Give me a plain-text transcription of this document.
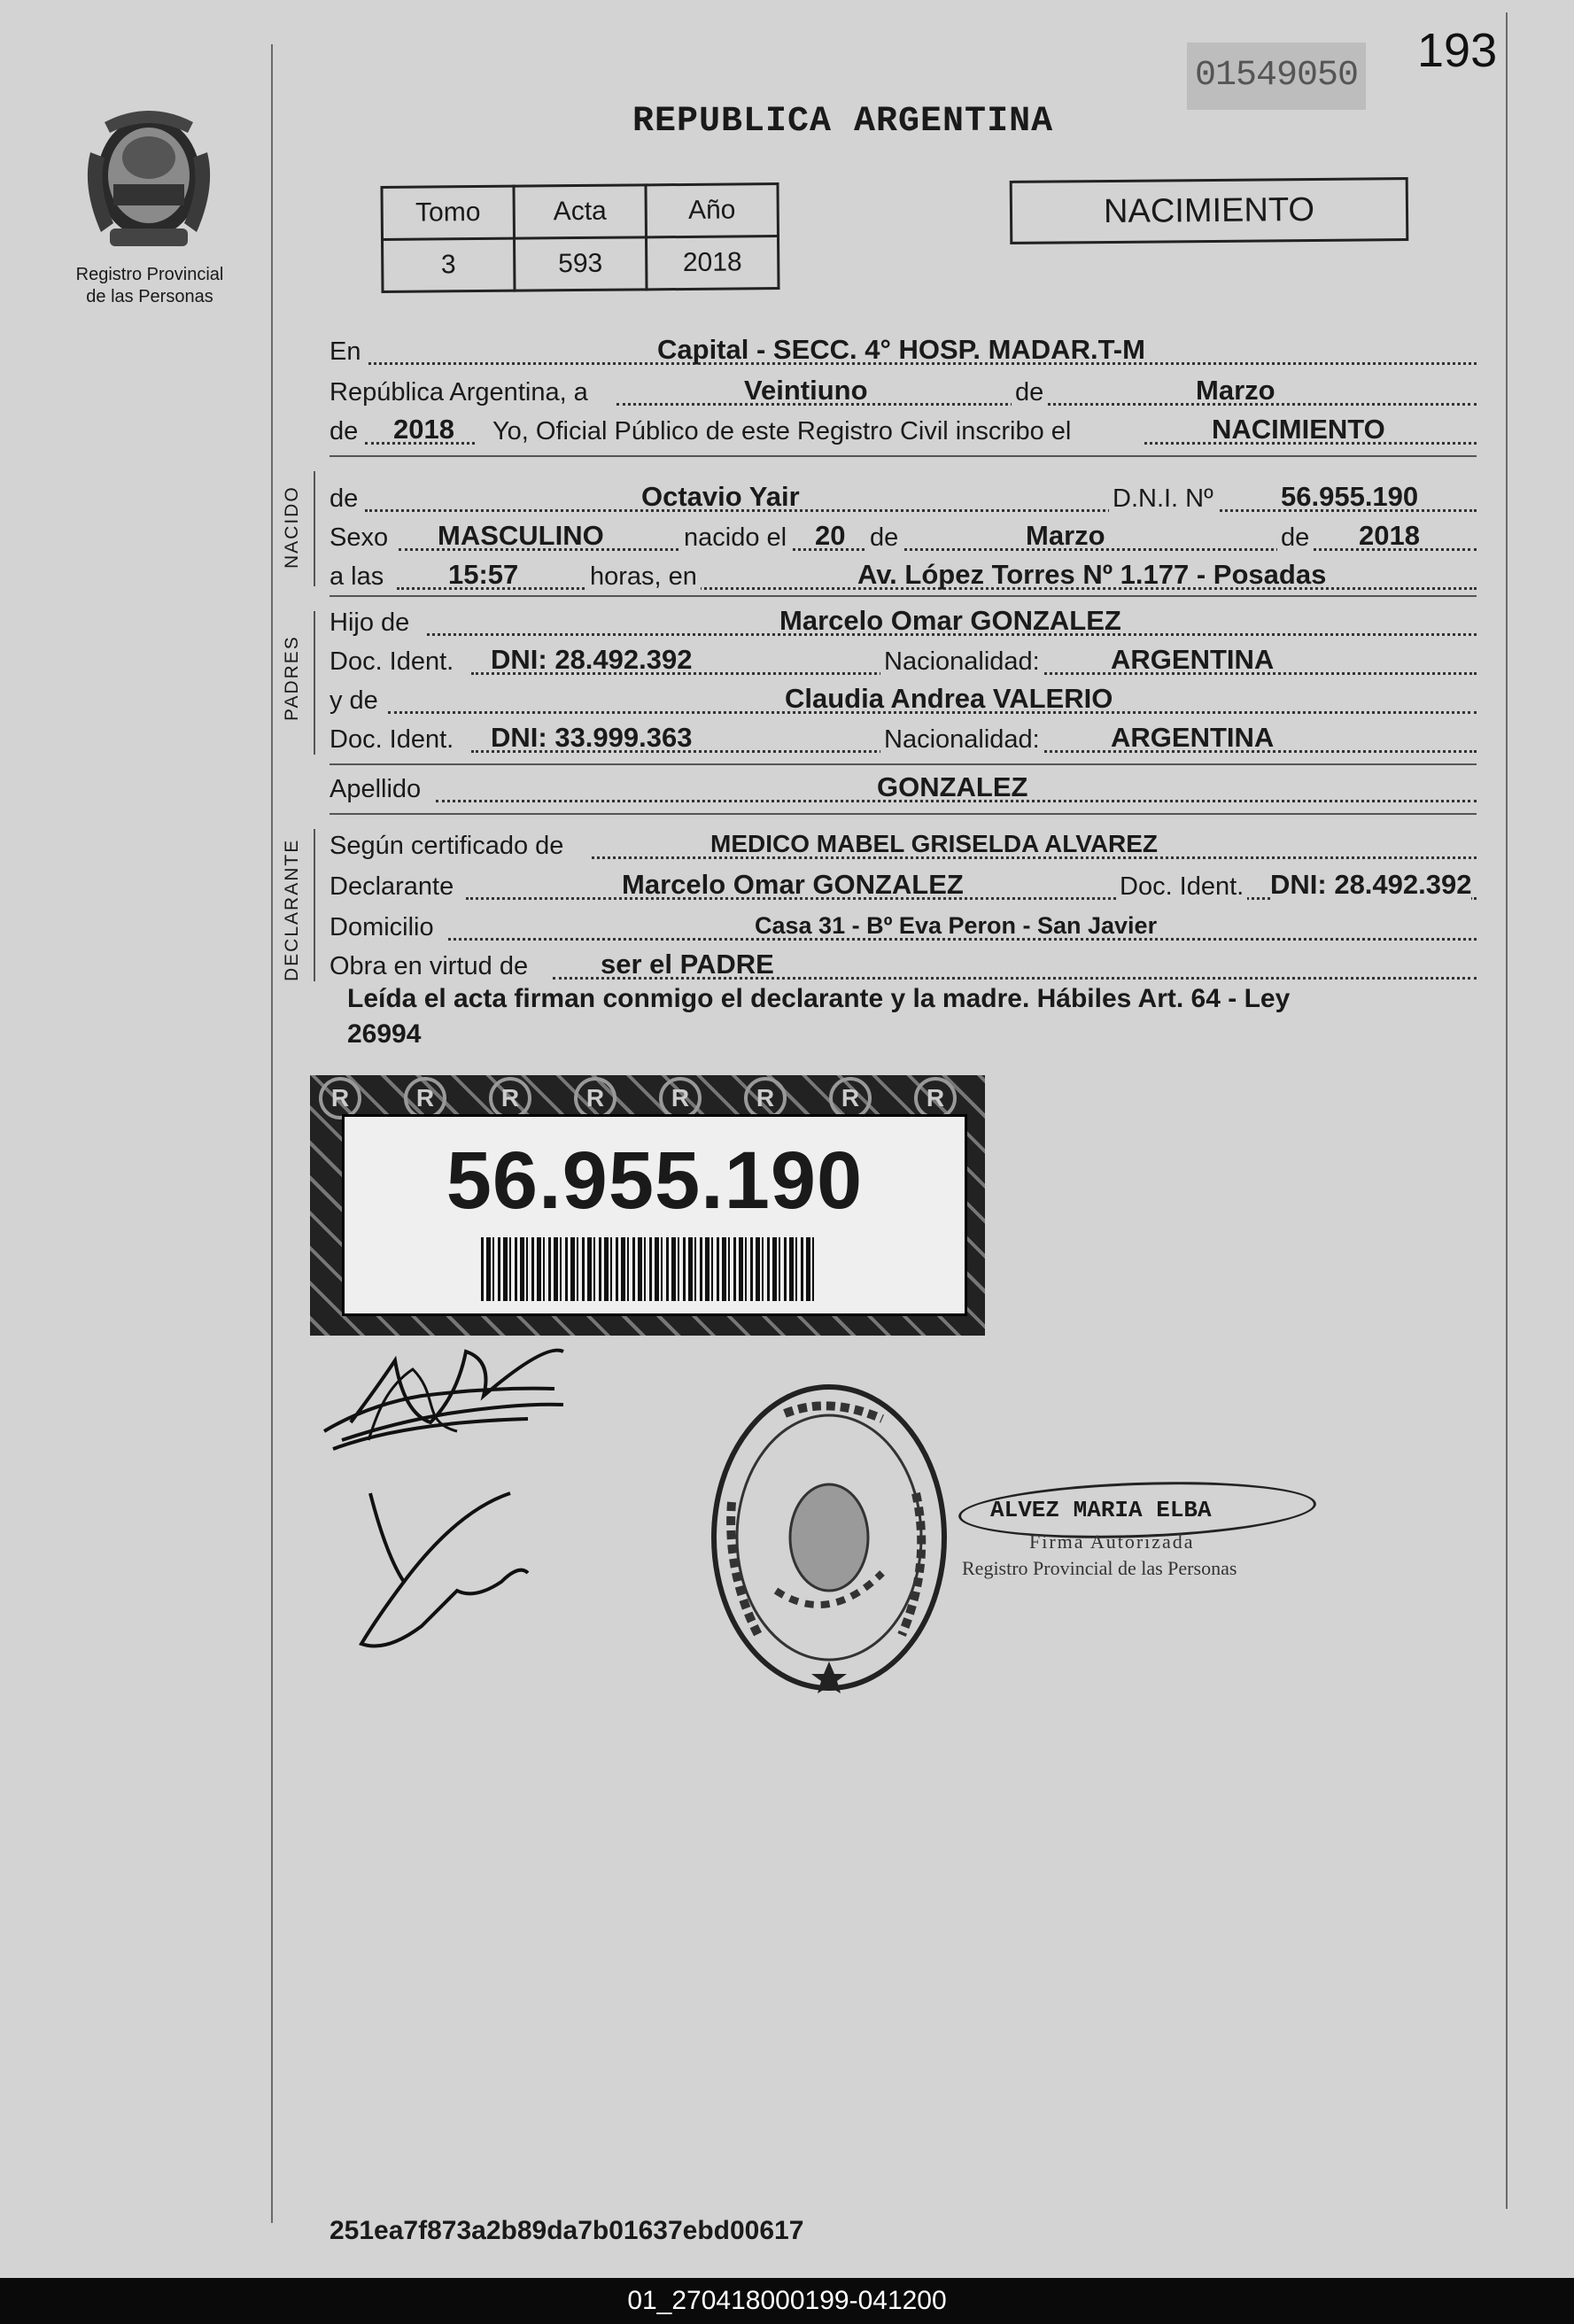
01549050 193
REPUBLICA ARGENTINA
Registro Provincial
de las Personas
Tomo	Acta	Año
3	593	2018
NACIMIENTO
En	Capital - SECC. 4° HOSP. MADAR.T-M
República Argentina, a	Veintiuno	de	Marzo
de 2018 Yo, Oficial Público de este Registro Civil inscribo el	NACIMIENTO
NACIDO de	Octavio Yair	D.N.I. Nº 56.955.190
Sexo MASCULINO	nacido el 20 de	Marzo	de 2018
a las 15:57	horas, en	Av. López Torres Nº 1.177 - Posadas
PADRES
Hijo de	Marcelo Omar GONZALEZ
Doc. Ident. DNI: 28.492.392	Nacionalidad:	ARGENTINA
y de	Claudia Andrea VALERIO
Doc. Ident. DNI: 33.999.363	Nacionalidad:	ARGENTINA
Apellido	GONZALEZ
DECLARANTE Según certificado de	MEDICO MABEL GRISELDA ALVAREZ
Declarante	Marcelo Omar GONZALEZ	Doc. Ident. DNI: 28.492.392
Domicilio	Casa 31 - Bº Eva Peron - San Javier
Obra en virtud de	ser el PADRE
Leída el acta firman conmigo el declarante y la madre. Hábiles Art. 64 - Ley
26994
R	R	R	R	R	R	R	R
56.955.190
ALVEZ MARIA ELBA
Firma Autorizada
Registro Provincial de las Personas
251ea7f873a2b89da7b01637ebd00617
01_270418000199-041200
